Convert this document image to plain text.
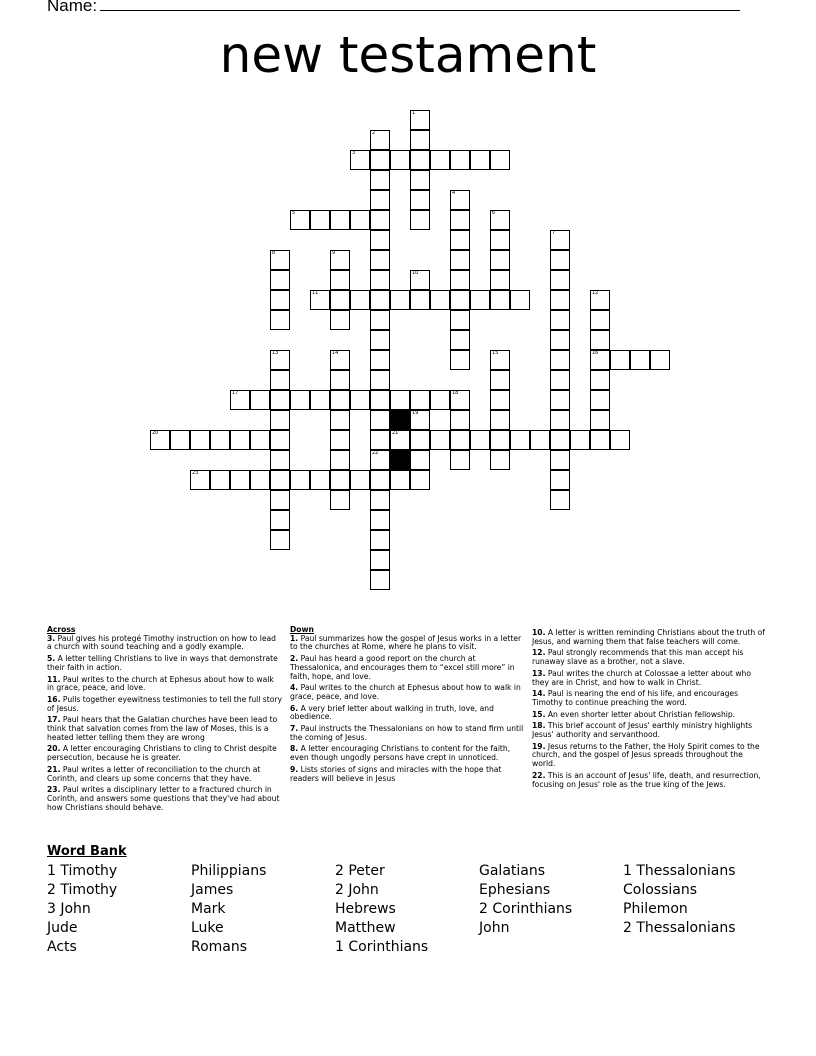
Name:
new testament
1
2
3
4
5	6
7
8	9
10
11	12
13	14	15	16
17	18
19
20	21
22
23
Across
3. Paul gives his protegé Timothy instruction on how to lead a church with sound teaching and a godly example.
5. A letter telling Christians to live in ways that demonstrate their faith in action.
11. Paul writes to the church at Ephesus about how to walk in grace, peace, and love.
16. Pulls together eyewitness testimonies to tell the full story of Jesus.
17. Paul hears that the Galatian churches have been lead to think that salvation comes from the law of Moses, this is a heated letter telling them they are wrong
20. A letter encouraging Christians to cling to Christ despite persecution, because he is greater.
21. Paul writes a letter of reconciliation to the church at Corinth, and clears up some concerns that they have.
23. Paul writes a disciplinary letter to a fractured church in Corinth, and answers some questions that they've had about how Christians should behave.
Down
1. Paul summarizes how the gospel of Jesus works in a letter to the churches at Rome, where he plans to visit.
2. Paul has heard a good report on the church at Thessalonica, and encourages them to “excel still more” in faith, hope, and love.
4. Paul writes to the church at Ephesus about how to walk in grace, peace, and love.
6. A very brief letter about walking in truth, love, and obedience.
7. Paul instructs the Thessalonians on how to stand firm until the coming of Jesus.
8. A letter encouraging Christians to content for the faith, even though ungodly persons have crept in unnoticed.
9. Lists stories of signs and miracles with the hope that readers will believe in Jesus
10. A letter is written reminding Christians about the truth of Jesus, and warning them that false teachers will come.
12. Paul strongly recommends that this man accept his runaway slave as a brother, not a slave.
13. Paul writes the church at Colossae a letter about who they are in Christ, and how to walk in Christ.
14. Paul is nearing the end of his life, and encourages Timothy to continue preaching the word.
15. An even shorter letter about Christian fellowship.
18. This brief account of Jesus' earthly ministry highlights Jesus' authority and servanthood.
19. Jesus returns to the Father, the Holy Spirit comes to the church, and the gospel of Jesus spreads throughout the world.
22. This is an account of Jesus' life, death, and resurrection, focusing on Jesus' role as the true king of the Jews.
Word Bank
1 Timothy	Philippians	2 Peter	Galatians	1 Thessalonians
2 Timothy	James	2 John	Ephesians	Colossians
3 John	Mark	Hebrews	2 Corinthians	Philemon
Jude	Luke	Matthew	John	2 Thessalonians
Acts	Romans	1 Corinthians
